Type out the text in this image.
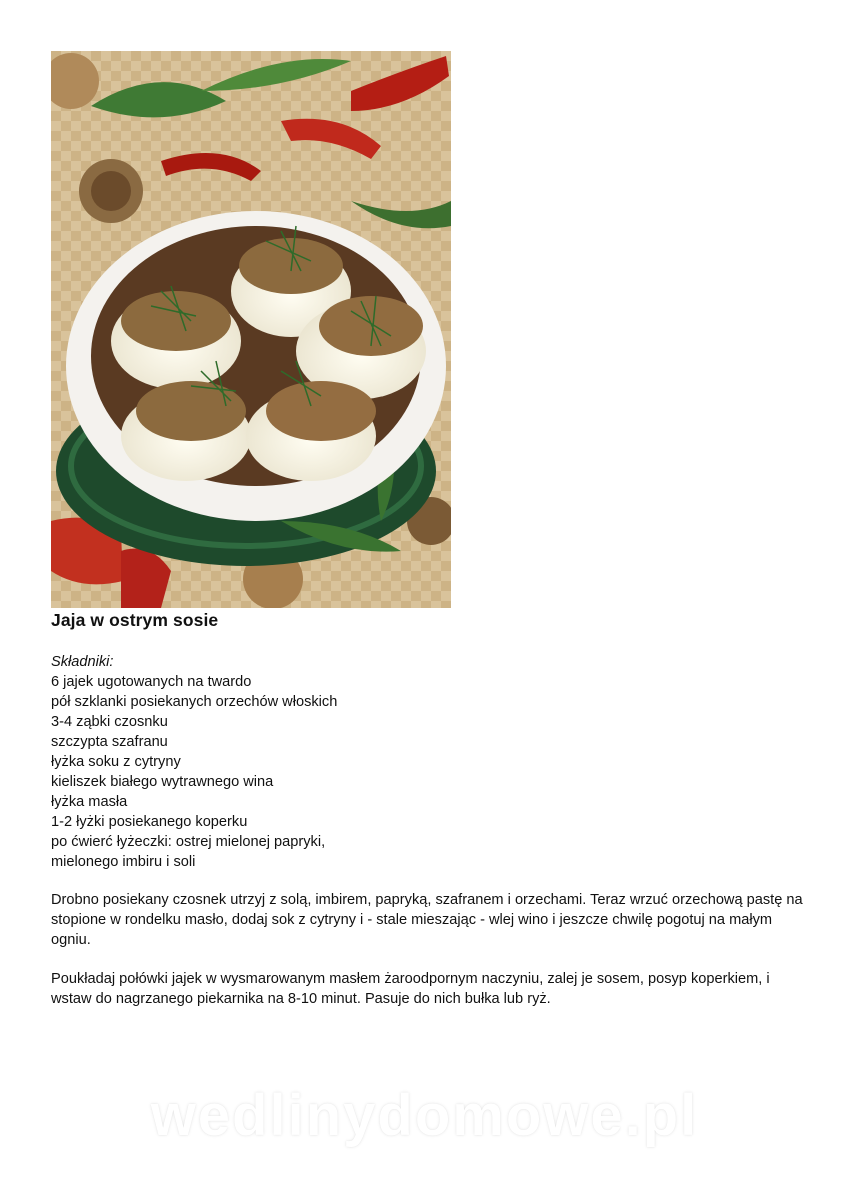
Jaja w ostrym sosie
Składniki:
6 jajek ugotowanych na twardo
pół szklanki posiekanych orzechów włoskich
3-4 ząbki czosnku
szczypta szafranu
łyżka soku z cytryny
kieliszek białego wytrawnego wina
łyżka masła
1-2 łyżki posiekanego koperku
po ćwierć łyżeczki: ostrej mielonej papryki,
mielonego imbiru i soli

Drobno posiekany czosnek utrzyj z solą, imbirem, papryką, szafranem i orzechami. Teraz wrzuć orzechową pastę na stopione w rondelku masło, dodaj sok z cytryny i - stale mieszając - wlej wino i jeszcze chwilę pogotuj na małym ogniu.

Poukładaj połówki jajek w wysmarowanym masłem żaroodpornym naczyniu, zalej je sosem, posyp koperkiem, i wstaw do nagrzanego piekarnika na 8-10 minut. Pasuje do nich bułka lub ryż.

wedlinydomowe.pl
